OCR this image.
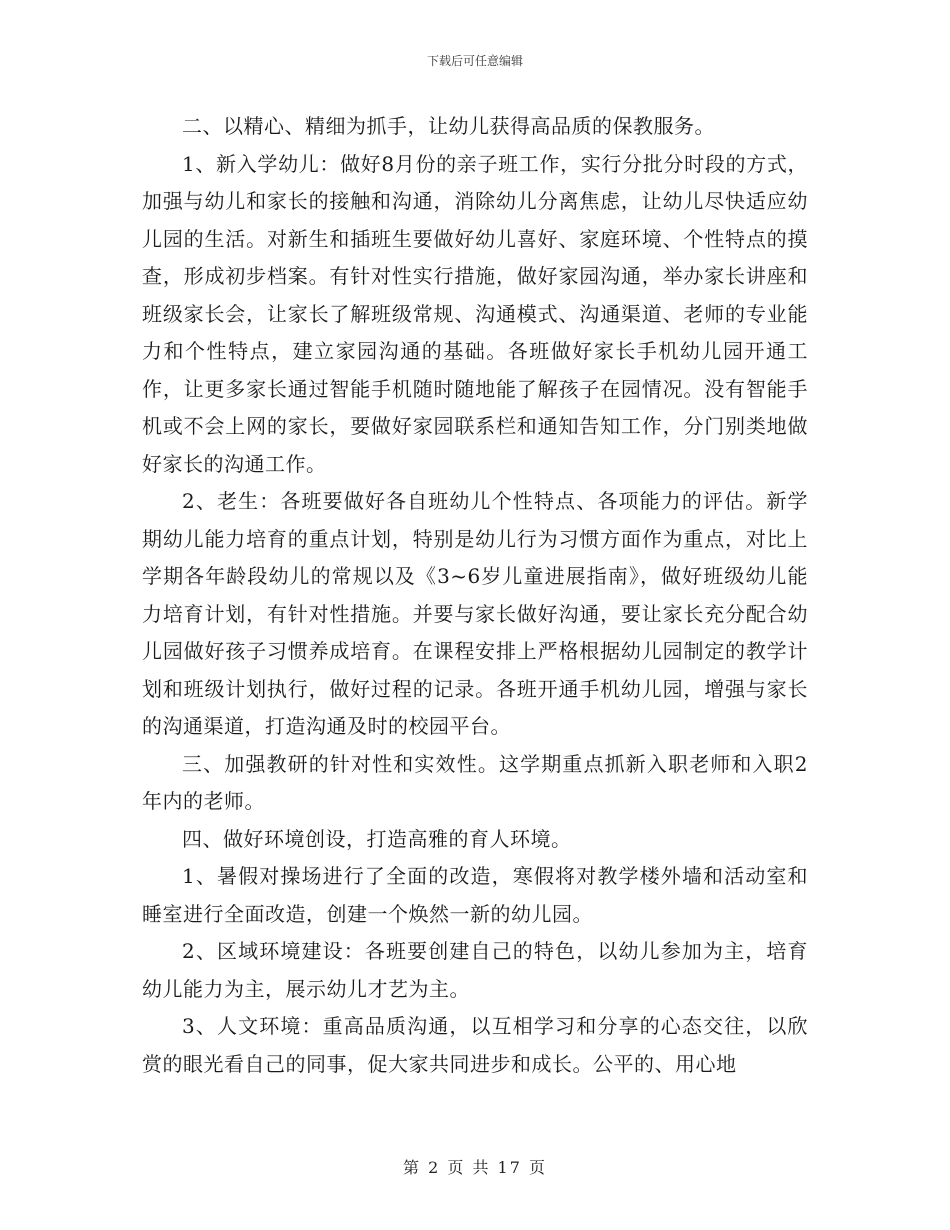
下载后可任意编辑

二、以精心、精细为抓手，让幼儿获得高品质的保教服务。

1、新入学幼儿：做好8月份的亲子班工作，实行分批分时段的方式，加强与幼儿和家长的接触和沟通，消除幼儿分离焦虑，让幼儿尽快适应幼儿园的生活。对新生和插班生要做好幼儿喜好、家庭环境、个性特点的摸查，形成初步档案。有针对性实行措施，做好家园沟通，举办家长讲座和班级家长会，让家长了解班级常规、沟通模式、沟通渠道、老师的专业能力和个性特点，建立家园沟通的基础。各班做好家长手机幼儿园开通工作，让更多家长通过智能手机随时随地能了解孩子在园情况。没有智能手机或不会上网的家长，要做好家园联系栏和通知告知工作，分门别类地做好家长的沟通工作。

2、老生：各班要做好各自班幼儿个性特点、各项能力的评估。新学期幼儿能力培育的重点计划，特别是幼儿行为习惯方面作为重点，对比上学期各年龄段幼儿的常规以及《3~6岁儿童进展指南》，做好班级幼儿能力培育计划，有针对性措施。并要与家长做好沟通，要让家长充分配合幼儿园做好孩子习惯养成培育。在课程安排上严格根据幼儿园制定的教学计划和班级计划执行，做好过程的记录。各班开通手机幼儿园，增强与家长的沟通渠道，打造沟通及时的校园平台。

三、加强教研的针对性和实效性。这学期重点抓新入职老师和入职2年内的老师。

四、做好环境创设，打造高雅的育人环境。

1、暑假对操场进行了全面的改造，寒假将对教学楼外墙和活动室和睡室进行全面改造，创建一个焕然一新的幼儿园。

2、区域环境建设：各班要创建自己的特色，以幼儿参加为主，培育幼儿能力为主，展示幼儿才艺为主。

3、人文环境：重高品质沟通，以互相学习和分享的心态交往，以欣赏的眼光看自己的同事，促大家共同进步和成长。公平的、用心地

第 2 页 共 17 页
